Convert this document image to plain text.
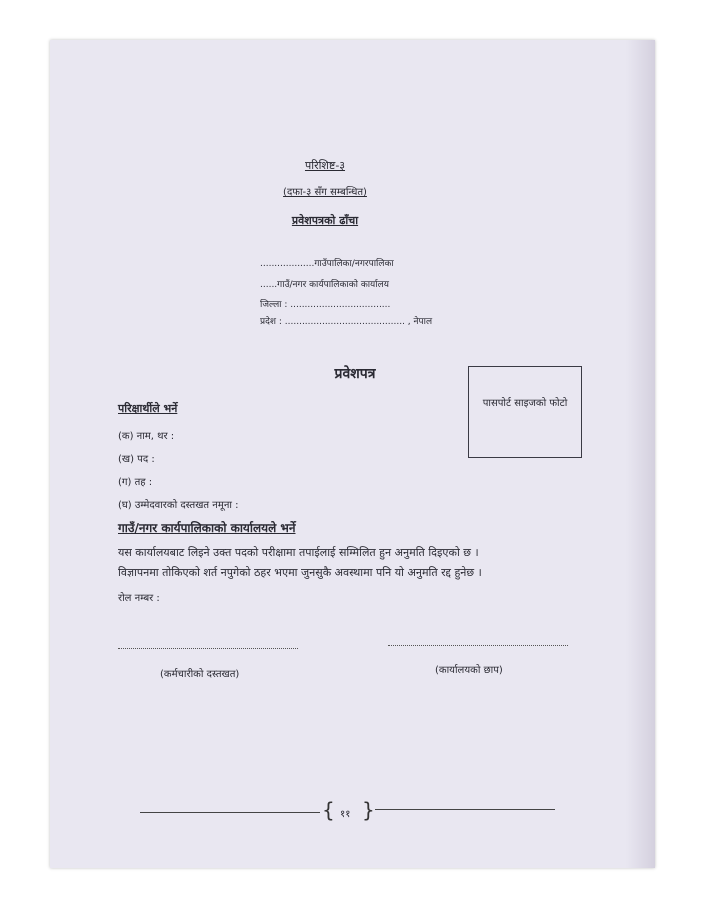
परिशिष्ट-३
(दफा-३ सँग सम्बन्धित)
प्रवेशपत्रको ढाँचा
...................गाउँपालिका/नगरपालिका
......गाउँ/नगर कार्यपालिकाको कार्यालय
जिल्ला : ...................................
प्रदेश : .......................................... , नेपाल
प्रवेशपत्र
पासपोर्ट साइजको फोटो
परिक्षार्थीले भर्ने
(क) नाम, थर :
(ख) पद :
(ग) तह :
(घ) उम्मेदवारको दस्तखत नमूना :
गाउँ/नगर कार्यपालिकाको कार्यालयले भर्ने
यस कार्यालयबाट लिइने उक्त पदको परीक्षामा तपाईलाई सम्मिलित हुन अनुमति दिइएको छ ।
विज्ञापनमा तोकिएको शर्त नपुगेको ठहर भएमा जुनसुकै अवस्थामा पनि यो अनुमति रद्द हुनेछ ।
रोल नम्बर :
(कर्मचारीको दस्तखत)	(कार्यालयको छाप)
{ ११ }
